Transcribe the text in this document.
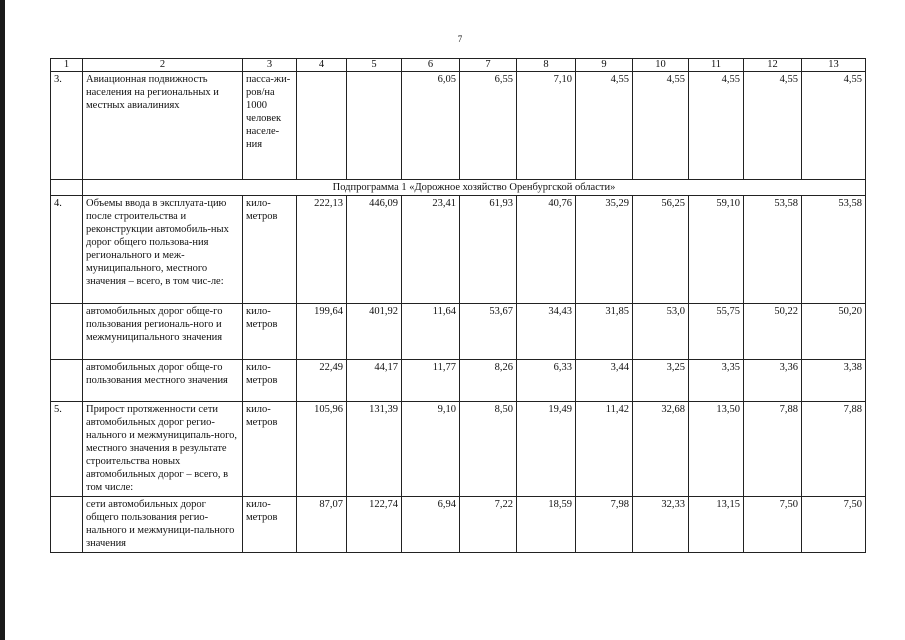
7
1	2	3	4	5	6	7	8	9	10	11	12	13
3.	Авиационная подвижность населения на региональных и местных авиалиниях	пасса-жи-ров/на 1000 человек населе-ния			6,05	6,55	7,10	4,55	4,55	4,55	4,55	4,55
	Подпрограмма 1 «Дорожное хозяйство Оренбургской области»											
4.	Объемы ввода в эксплуата-цию после строительства и реконструкции автомобиль-ных дорог общего пользова-ния регионального и меж-муниципального, местного значения – всего, в том чис-ле:	кило-метров	222,13	446,09	23,41	61,93	40,76	35,29	56,25	59,10	53,58	53,58
	автомобильных дорог обще-го пользования региональ-ного и межмуниципального значения	кило-метров	199,64	401,92	11,64	53,67	34,43	31,85	53,0	55,75	50,22	50,20
	автомобильных дорог обще-го пользования местного значения	кило-метров	22,49	44,17	11,77	8,26	6,33	3,44	3,25	3,35	3,36	3,38
5.	Прирост протяженности сети автомобильных дорог регио-нального и межмуниципаль-ного, местного значения в результате строительства новых автомобильных дорог – всего, в том числе:	кило-метров	105,96	131,39	9,10	8,50	19,49	11,42	32,68	13,50	7,88	7,88
	сети автомобильных дорог общего пользования регио-нального и межмуници-пального значения	кило-метров	87,07	122,74	6,94	7,22	18,59	7,98	32,33	13,15	7,50	7,50
